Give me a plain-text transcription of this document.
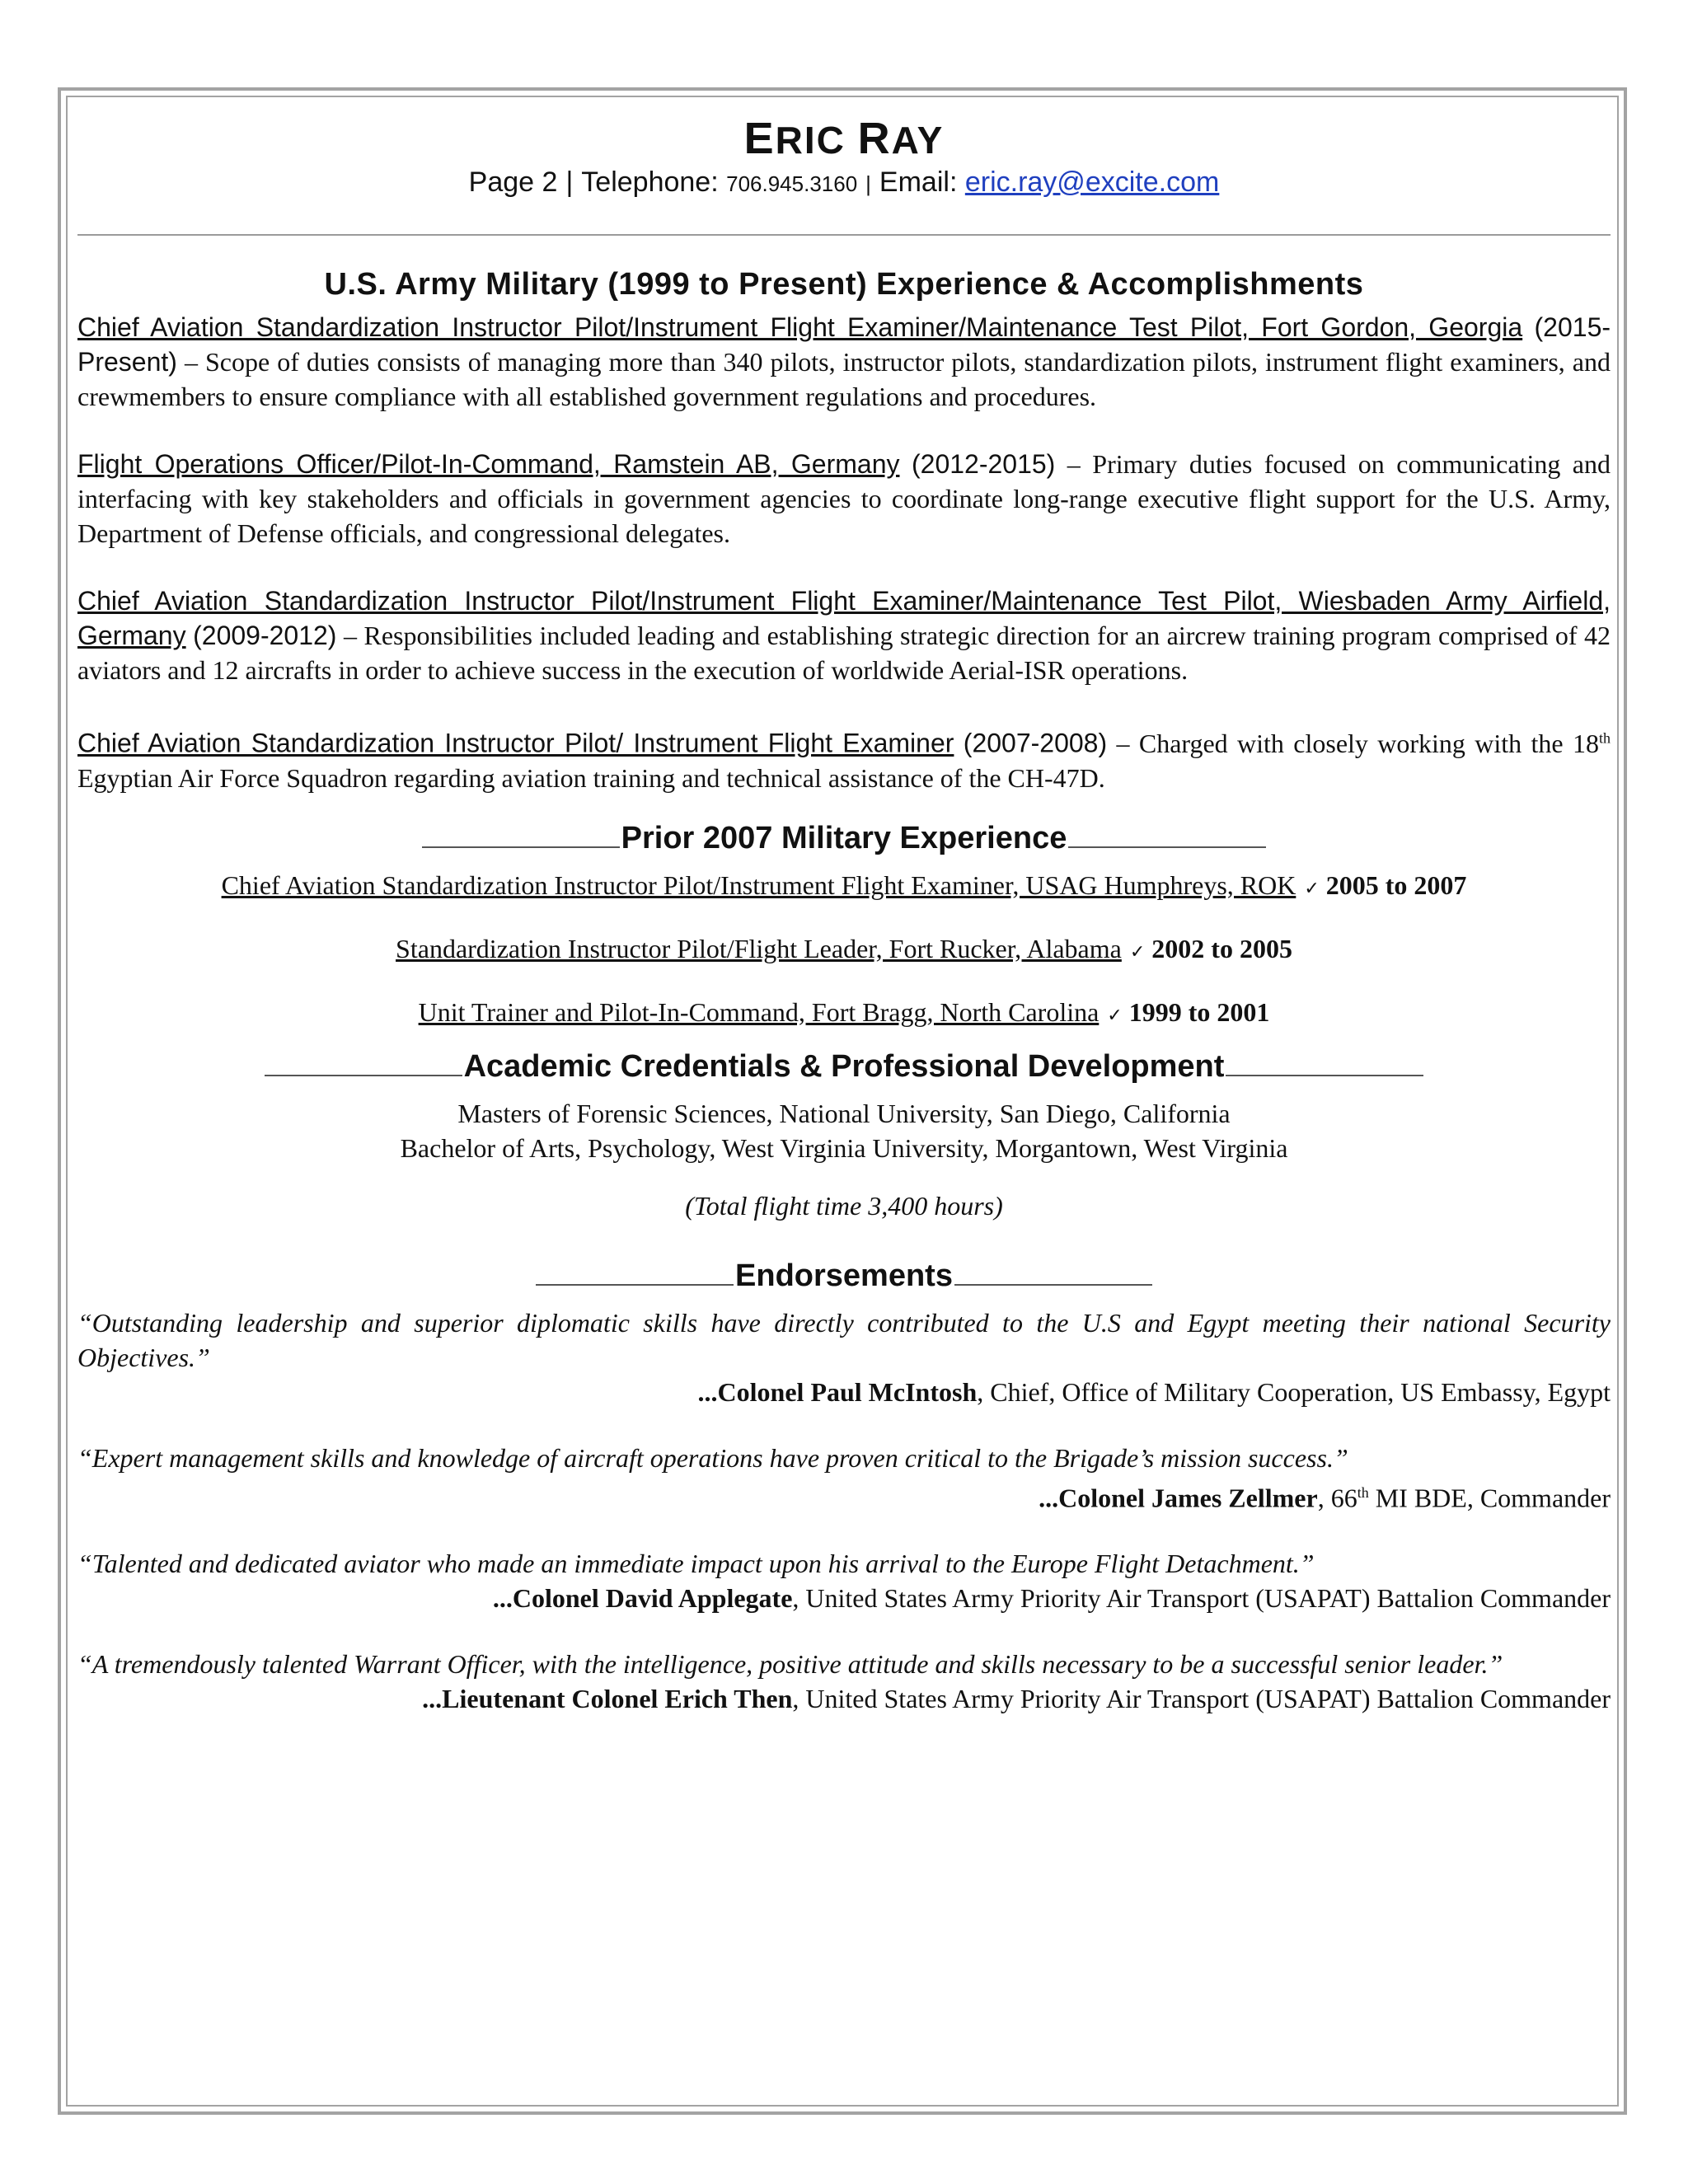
ERIC RAY

Page 2 | Telephone: 706.945.3160 | Email: eric.ray@excite.com

U.S. Army Military (1999 to Present) Experience & Accomplishments

Chief Aviation Standardization Instructor Pilot/Instrument Flight Examiner/Maintenance Test Pilot, Fort Gordon, Georgia (2015-Present) – Scope of duties consists of managing more than 340 pilots, instructor pilots, standardization pilots, instrument flight examiners, and crewmembers to ensure compliance with all established government regulations and procedures.

Flight Operations Officer/Pilot-In-Command, Ramstein AB, Germany (2012-2015) – Primary duties focused on communicating and interfacing with key stakeholders and officials in government agencies to coordinate long-range executive flight support for the U.S. Army, Department of Defense officials, and congressional delegates.

Chief Aviation Standardization Instructor Pilot/Instrument Flight Examiner/Maintenance Test Pilot, Wiesbaden Army Airfield, Germany (2009-2012) – Responsibilities included leading and establishing strategic direction for an aircrew training program comprised of 42 aviators and 12 aircrafts in order to achieve success in the execution of worldwide Aerial-ISR operations.

Chief Aviation Standardization Instructor Pilot/ Instrument Flight Examiner (2007-2008) – Charged with closely working with the 18th Egyptian Air Force Squadron regarding aviation training and technical assistance of the CH-47D.

Prior 2007 Military Experience

Chief Aviation Standardization Instructor Pilot/Instrument Flight Examiner, USAG Humphreys, ROK ✓ 2005 to 2007

Standardization Instructor Pilot/Flight Leader, Fort Rucker, Alabama ✓ 2002 to 2005

Unit Trainer and Pilot-In-Command, Fort Bragg, North Carolina ✓ 1999 to 2001

Academic Credentials & Professional Development

Masters of Forensic Sciences, National University, San Diego, California

Bachelor of Arts, Psychology, West Virginia University, Morgantown, West Virginia

(Total flight time 3,400 hours)

Endorsements

“Outstanding leadership and superior diplomatic skills have directly contributed to the U.S and Egypt meeting their national Security Objectives.”

...Colonel Paul McIntosh, Chief, Office of Military Cooperation, US Embassy, Egypt

“Expert management skills and knowledge of aircraft operations have proven critical to the Brigade’s mission success.”

...Colonel James Zellmer, 66th MI BDE, Commander

“Talented and dedicated aviator who made an immediate impact upon his arrival to the Europe Flight Detachment.”

...Colonel David Applegate, United States Army Priority Air Transport (USAPAT) Battalion Commander

“A tremendously talented Warrant Officer, with the intelligence, positive attitude and skills necessary to be a successful senior leader.”

...Lieutenant Colonel Erich Then, United States Army Priority Air Transport (USAPAT) Battalion Commander
